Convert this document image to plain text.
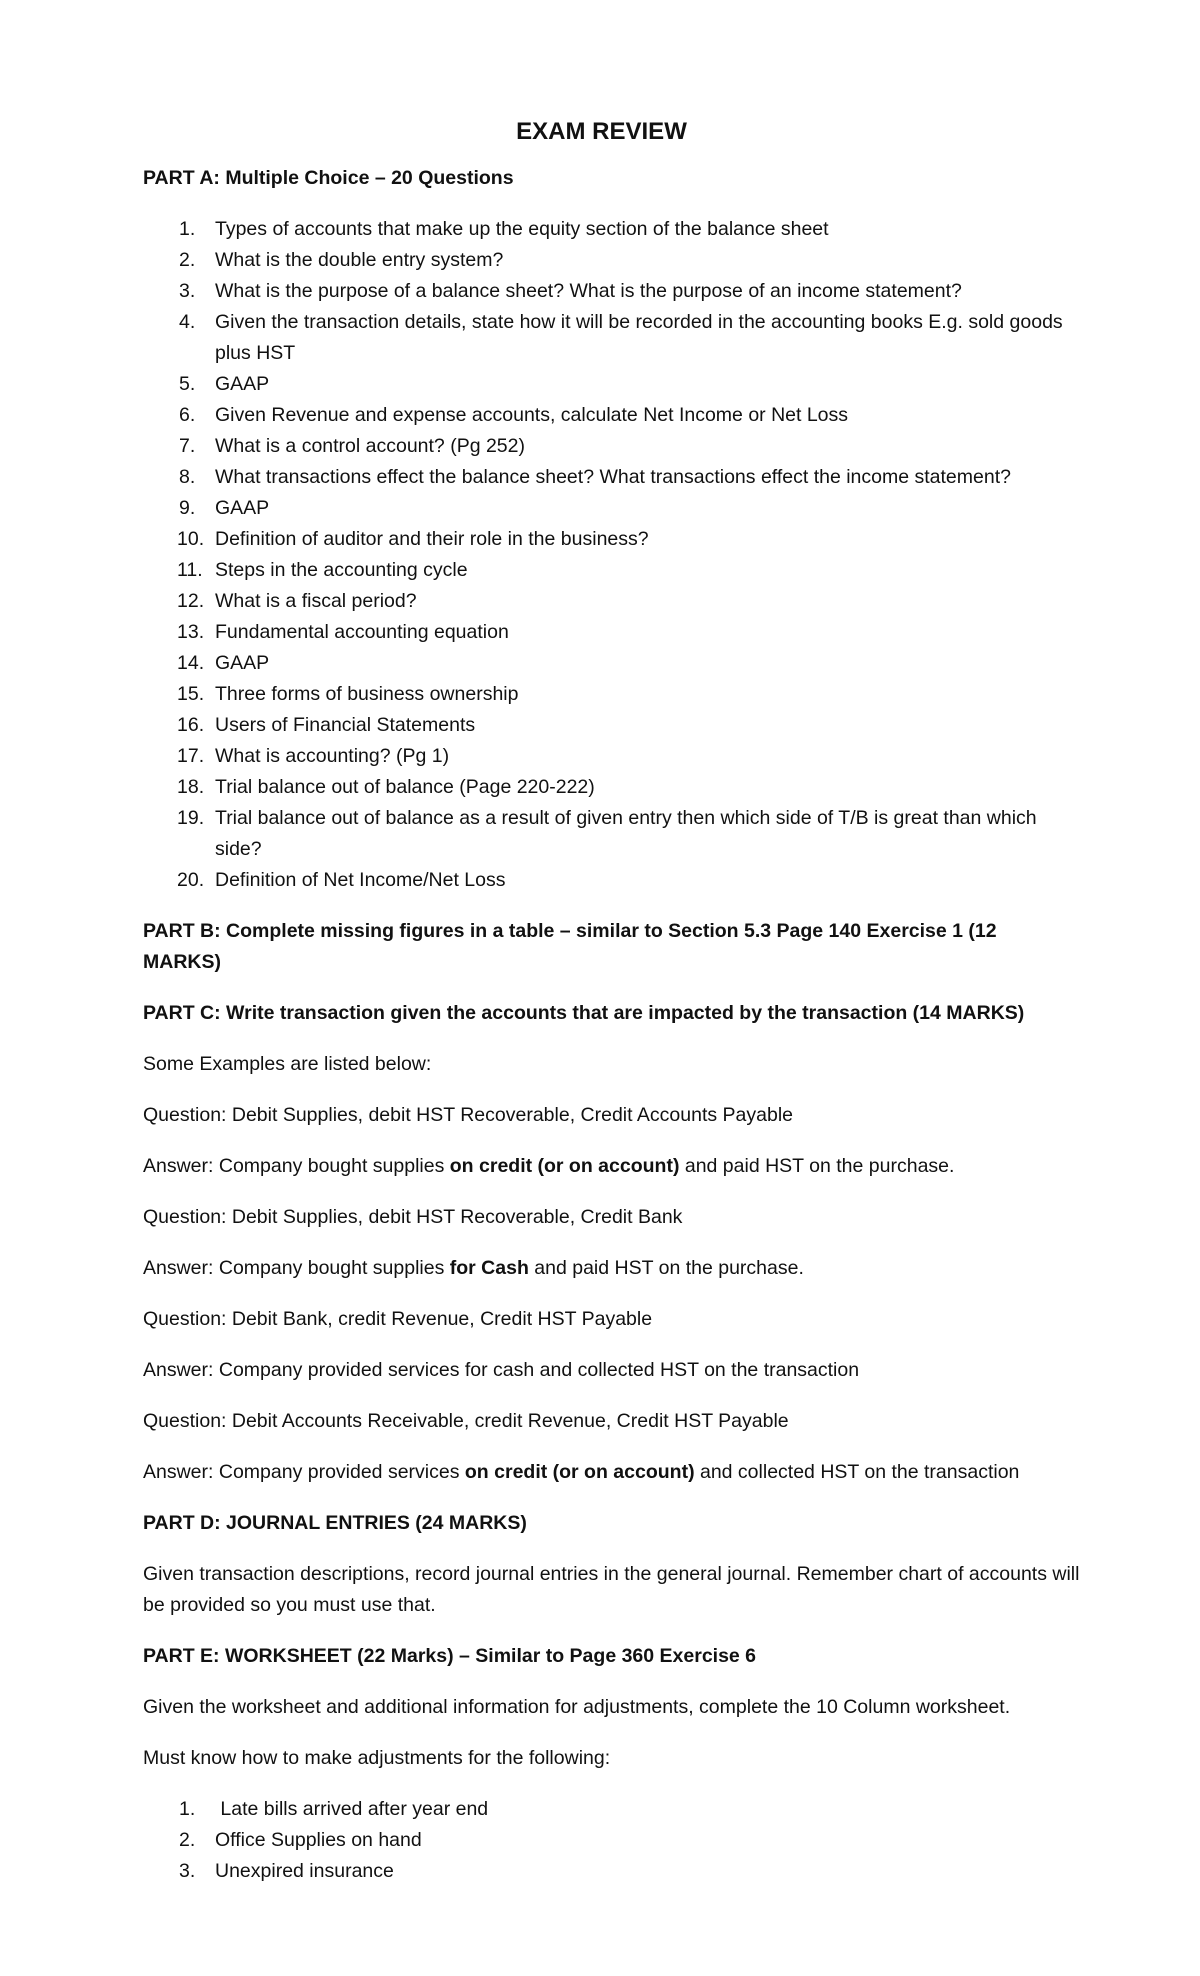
EXAM REVIEW
PART A: Multiple Choice – 20 Questions
1.	Types of accounts that make up the equity section of the balance sheet
2.	What is the double entry system?
3.	What is the purpose of a balance sheet? What is the purpose of an income statement?
4.	Given the transaction details, state how it will be recorded in the accounting books E.g. sold goods plus HST
5.	GAAP
6.	Given Revenue and expense accounts, calculate Net Income or Net Loss
7.	What is a control account? (Pg 252)
8.	What transactions effect the balance sheet? What transactions effect the income statement?
9.	GAAP
10. Definition of auditor and their role in the business?
11. Steps in the accounting cycle
12. What is a fiscal period?
13. Fundamental accounting equation
14. GAAP
15. Three forms of business ownership
16. Users of Financial Statements
17. What is accounting? (Pg 1)
18. Trial balance out of balance (Page 220-222)
19. Trial balance out of balance as a result of given entry then which side of T/B is great than which side?
20. Definition of Net Income/Net Loss
PART B: Complete missing figures in a table – similar to Section 5.3 Page 140 Exercise 1 (12 MARKS)
PART C: Write transaction given the accounts that are impacted by the transaction (14 MARKS)
Some Examples are listed below:
Question: Debit Supplies, debit HST Recoverable, Credit Accounts Payable
Answer: Company bought supplies on credit (or on account) and paid HST on the purchase.
Question: Debit Supplies, debit HST Recoverable, Credit Bank
Answer: Company bought supplies for Cash and paid HST on the purchase.
Question: Debit Bank, credit Revenue, Credit HST Payable
Answer: Company provided services for cash and collected HST on the transaction
Question: Debit Accounts Receivable, credit Revenue, Credit HST Payable
Answer: Company provided services on credit (or on account) and collected HST on the transaction
PART D: JOURNAL ENTRIES (24 MARKS)
Given transaction descriptions, record journal entries in the general journal. Remember chart of accounts will be provided so you must use that.
PART E: WORKSHEET (22 Marks) – Similar to Page 360 Exercise 6
Given the worksheet and additional information for adjustments, complete the 10 Column worksheet.
Must know how to make adjustments for the following:
1.	Late bills arrived after year end
2.	Office Supplies on hand
3.	Unexpired insurance
